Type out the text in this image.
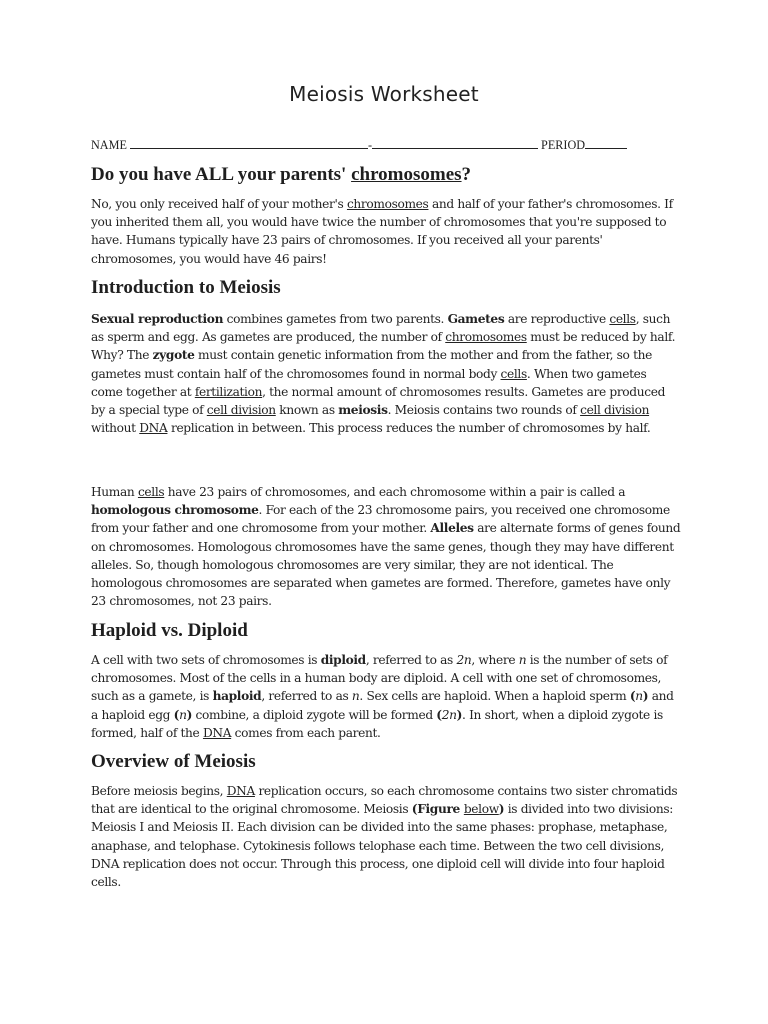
Meiosis Worksheet
NAME	-	PERIOD
Do you have ALL your parents' chromosomes?

No, you only received half of your mother's chromosomes and half of your father's chromosomes. If you inherited them all, you would have twice the number of chromosomes that you're supposed to have. Humans typically have 23 pairs of chromosomes. If you received all your parents' chromosomes, you would have 46 pairs!

Introduction to Meiosis

Sexual reproduction combines gametes from two parents. Gametes are reproductive cells, such as sperm and egg. As gametes are produced, the number of chromosomes must be reduced by half. Why? The zygote must contain genetic information from the mother and from the father, so the gametes must contain half of the chromosomes found in normal body cells. When two gametes come together at fertilization, the normal amount of chromosomes results. Gametes are produced by a special type of cell division known as meiosis. Meiosis contains two rounds of cell division without DNA replication in between. This process reduces the number of chromosomes by half.

Human cells have 23 pairs of chromosomes, and each chromosome within a pair is called a homologous chromosome. For each of the 23 chromosome pairs, you received one chromosome from your father and one chromosome from your mother. Alleles are alternate forms of genes found on chromosomes. Homologous chromosomes have the same genes, though they may have different alleles. So, though homologous chromosomes are very similar, they are not identical. The homologous chromosomes are separated when gametes are formed. Therefore, gametes have only 23 chromosomes, not 23 pairs.

Haploid vs. Diploid

A cell with two sets of chromosomes is diploid, referred to as 2n, where n is the number of sets of chromosomes. Most of the cells in a human body are diploid. A cell with one set of chromosomes, such as a gamete, is haploid, referred to as n. Sex cells are haploid. When a haploid sperm (n) and a haploid egg (n) combine, a diploid zygote will be formed (2n). In short, when a diploid zygote is formed, half of the DNA comes from each parent.

Overview of Meiosis

Before meiosis begins, DNA replication occurs, so each chromosome contains two sister chromatids that are identical to the original chromosome. Meiosis (Figure below) is divided into two divisions: Meiosis I and Meiosis II. Each division can be divided into the same phases: prophase, metaphase, anaphase, and telophase. Cytokinesis follows telophase each time. Between the two cell divisions, DNA replication does not occur. Through this process, one diploid cell will divide into four haploid cells.
